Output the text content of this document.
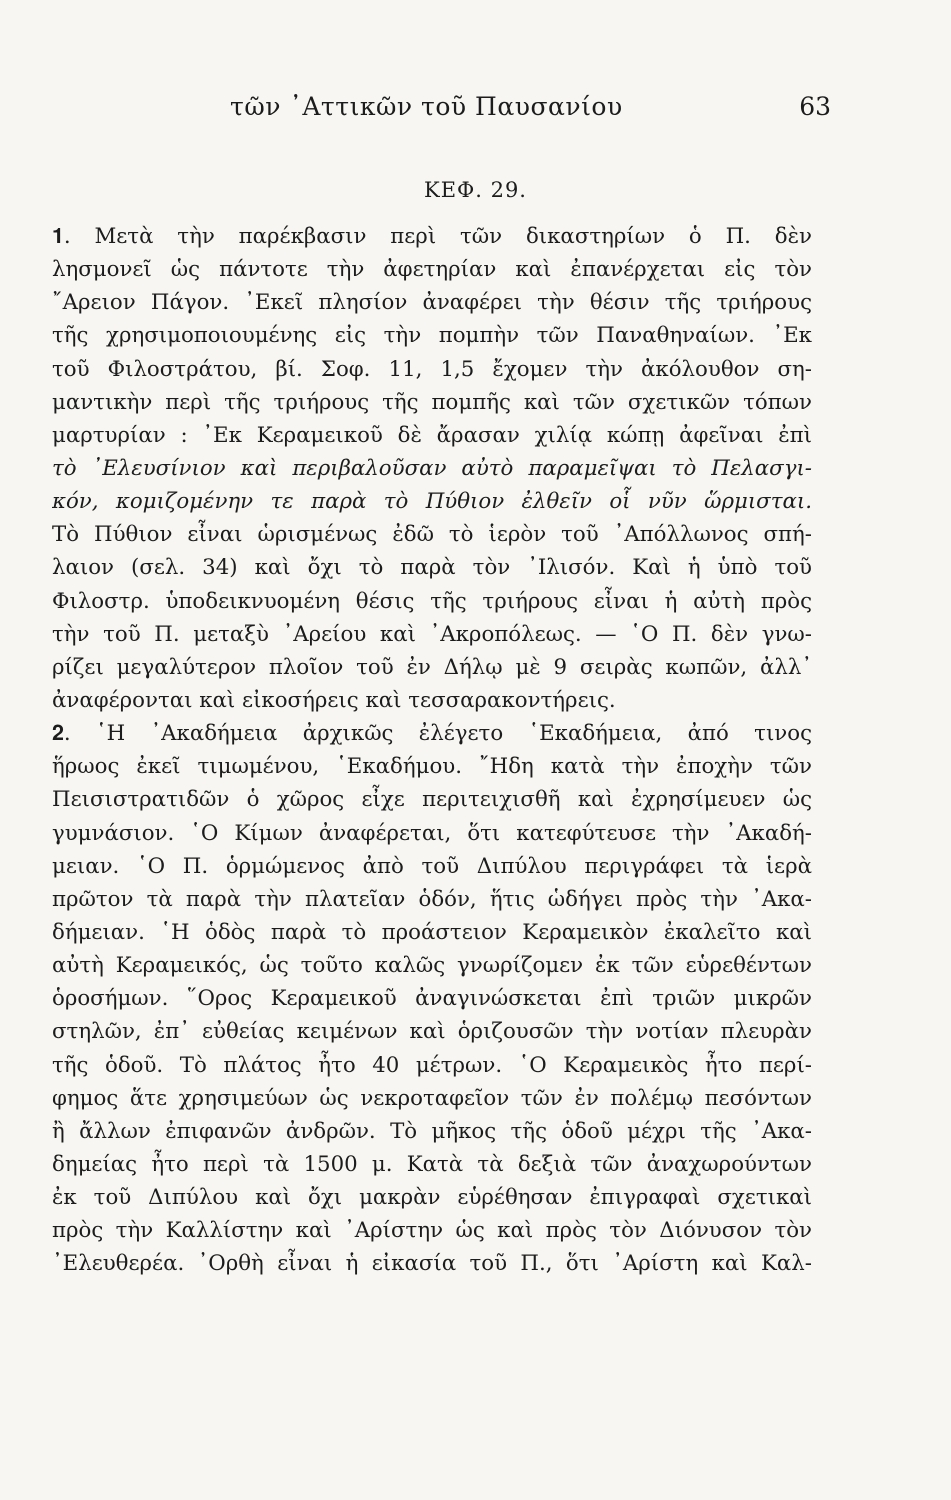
τῶν ᾿Αττικῶν τοῦ Παυσανίου	63
ΚΕΦ. 29.
𝟏. Μετὰ τὴν παρέκβασιν περὶ τῶν δικαστηρίων ὁ Π. δὲν
λησμονεῖ ὡς πάντοτε τὴν ἀφετηρίαν καὶ ἐπανέρχεται εἰς τὸν
῎Αρειον Πάγον. ᾿Εκεῖ πλησίον ἀναφέρει τὴν θέσιν τῆς τριήρους
τῆς χρησιμοποιουμένης εἰς τὴν πομπὴν τῶν Παναθηναίων. ᾿Εκ
τοῦ Φιλοστράτου, βί. Σοφ. 11, 1,5 ἔχομεν τὴν ἀκόλουθον ση-
μαντικὴν περὶ τῆς τριήρους τῆς πομπῆς καὶ τῶν σχετικῶν τόπων
μαρτυρίαν : ᾿Εκ Κεραμεικοῦ δὲ ἄρασαν χιλίᾳ κώπῃ ἀφεῖναι ἐπὶ
τὸ ᾿Ελευσίνιον καὶ περιβαλοῦσαν αὐτὸ παραμεῖψαι τὸ Πελασγι-
κόν, κομιζομένην τε παρὰ τὸ Πύθιον ἐλθεῖν οἷ νῦν ὥρμισται.
Τὸ Πύθιον εἶναι ὡρισμένως ἐδῶ τὸ ἱερὸν τοῦ ᾿Απόλλωνος σπή-
λαιον (σελ. 34) καὶ ὄχι τὸ παρὰ τὸν ᾿Ιλισόν. Καὶ ἡ ὑπὸ τοῦ
Φιλοστρ. ὑποδεικνυομένη θέσις τῆς τριήρους εἶναι ἡ αὐτὴ πρὸς
τὴν τοῦ Π. μεταξὺ ᾿Αρείου καὶ ᾿Ακροπόλεως. — ῾Ο Π. δὲν γνω-
ρίζει μεγαλύτερον πλοῖον τοῦ ἐν Δήλῳ μὲ 9 σειρὰς κωπῶν, ἀλλ᾿
ἀναφέρονται καὶ εἰκοσήρεις καὶ τεσσαρακοντήρεις.
𝟐. ῾Η ᾿Ακαδήμεια ἀρχικῶς ἐλέγετο ῾Εκαδήμεια, ἀπό τινος
ἥρωος ἐκεῖ τιμωμένου, ῾Εκαδήμου. ῎Ηδη κατὰ τὴν ἐποχὴν τῶν
Πεισιστρατιδῶν ὁ χῶρος εἶχε περιτειχισθῆ καὶ ἐχρησίμευεν ὡς
γυμνάσιον. ῾Ο Κίμων ἀναφέρεται, ὅτι κατεφύτευσε τὴν ᾿Ακαδή-
μειαν. ῾Ο Π. ὁρμώμενος ἀπὸ τοῦ Διπύλου περιγράφει τὰ ἱερὰ
πρῶτον τὰ παρὰ τὴν πλατεῖαν ὁδόν, ἥτις ὡδήγει πρὸς τὴν ᾿Ακα-
δήμειαν. ῾Η ὁδὸς παρὰ τὸ προάστειον Κεραμεικὸν ἐκαλεῖτο καὶ
αὐτὴ Κεραμεικός, ὡς τοῦτο καλῶς γνωρίζομεν ἐκ τῶν εὑρεθέντων
ὁροσήμων. ῞Ορος Κεραμεικοῦ ἀναγινώσκεται ἐπὶ τριῶν μικρῶν
στηλῶν, ἐπ᾿ εὐθείας κειμένων καὶ ὁριζουσῶν τὴν νοτίαν πλευρὰν
τῆς ὁδοῦ. Τὸ πλάτος ἦτο 40 μέτρων. ῾Ο Κεραμεικὸς ἦτο περί-
φημος ἅτε χρησιμεύων ὡς νεκροταφεῖον τῶν ἐν πολέμῳ πεσόντων
ἢ ἄλλων ἐπιφανῶν ἀνδρῶν. Τὸ μῆκος τῆς ὁδοῦ μέχρι τῆς ᾿Ακα-
δημείας ἦτο περὶ τὰ 1500 μ. Κατὰ τὰ δεξιὰ τῶν ἀναχωρούντων
ἐκ τοῦ Διπύλου καὶ ὄχι μακρὰν εὑρέθησαν ἐπιγραφαὶ σχετικαὶ
πρὸς τὴν Καλλίστην καὶ ᾿Αρίστην ὡς καὶ πρὸς τὸν Διόνυσον τὸν
᾿Ελευθερέα. ᾿Ορθὴ εἶναι ἡ εἰκασία τοῦ Π., ὅτι ᾿Αρίστη καὶ Καλ-
